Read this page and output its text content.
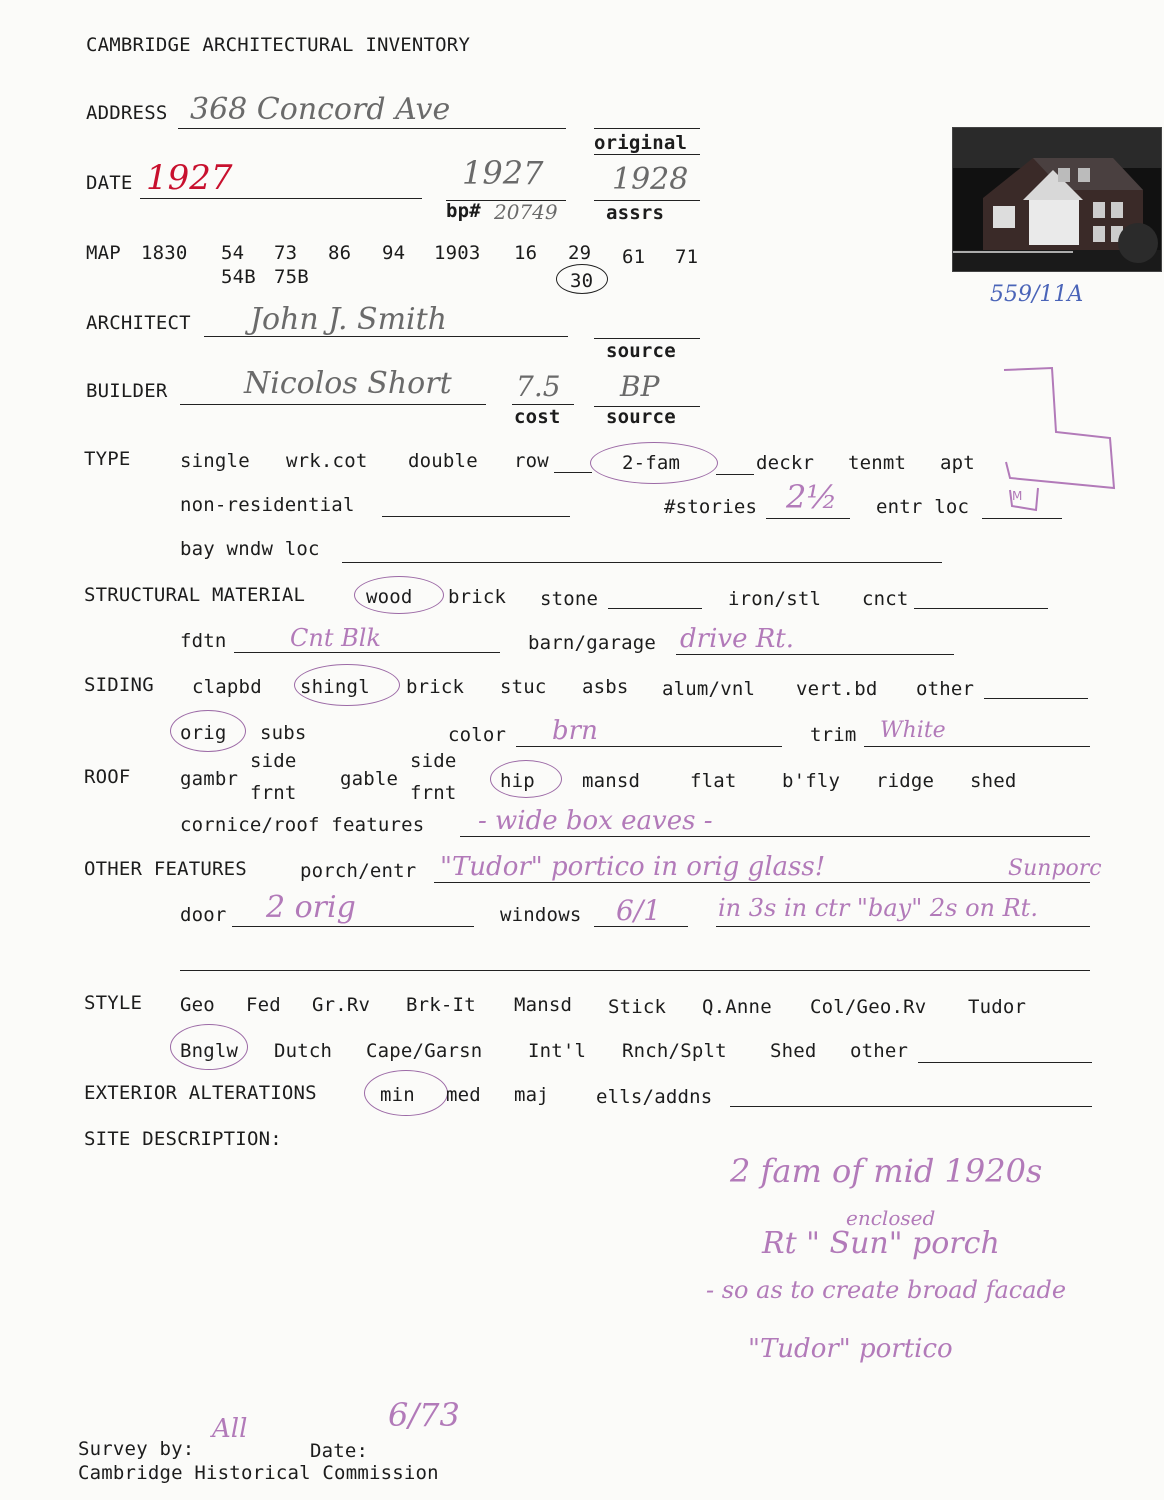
CAMBRIDGE ARCHITECTURAL INVENTORY
559/11A
ADDRESS 368 Concord Ave
original
DATE 1927	1927
bp# 20749
1928
assrs
MAP 1830 54 73 86 94 1903 16 29 61 71
54B 75B	30
ARCHITECT John J. Smith
source
BUILDER	Nicolos Short 7.5
cost
BP
source
M
TYPE	single wrk.cot double row	2-fam	deckr tenmt apt
non-residential	#stories 2½ entr loc
bay wndw loc
STRUCTURAL MATERIAL	wood brick stone	iron/stl cnct
fdtn	Cnt Blk	barn/garage drive Rt.
SIDING clapbd shingl brick stuc asbs alum/vnl vert.bd other
orig subs	color brn	trim White
ROOF	gambr
side
frnt
gable
side
frnt
hip mansd	flat b'fly ridge shed
cornice/roof features - wide box eaves -
OTHER FEATURES	porch/entr "Tudor" portico in orig glass!	Sunporc
door 2 orig	windows 6/1 in 3s in ctr "bay" 2s on Rt.
STYLE Geo Fed Gr.Rv Brk-It Mansd Stick Q.Anne Col/Geo.Rv Tudor
Bnglw Dutch Cape/Garsn Int'l Rnch/Splt Shed other
EXTERIOR ALTERATIONS	min med maj ells/addns
SITE DESCRIPTION:
2 fam of mid 1920s
enclosed
Rt " Sun" porch
- so as to create broad facade
"Tudor" portico
Survey by:
All
Date:
6/73
Cambridge Historical Commission
